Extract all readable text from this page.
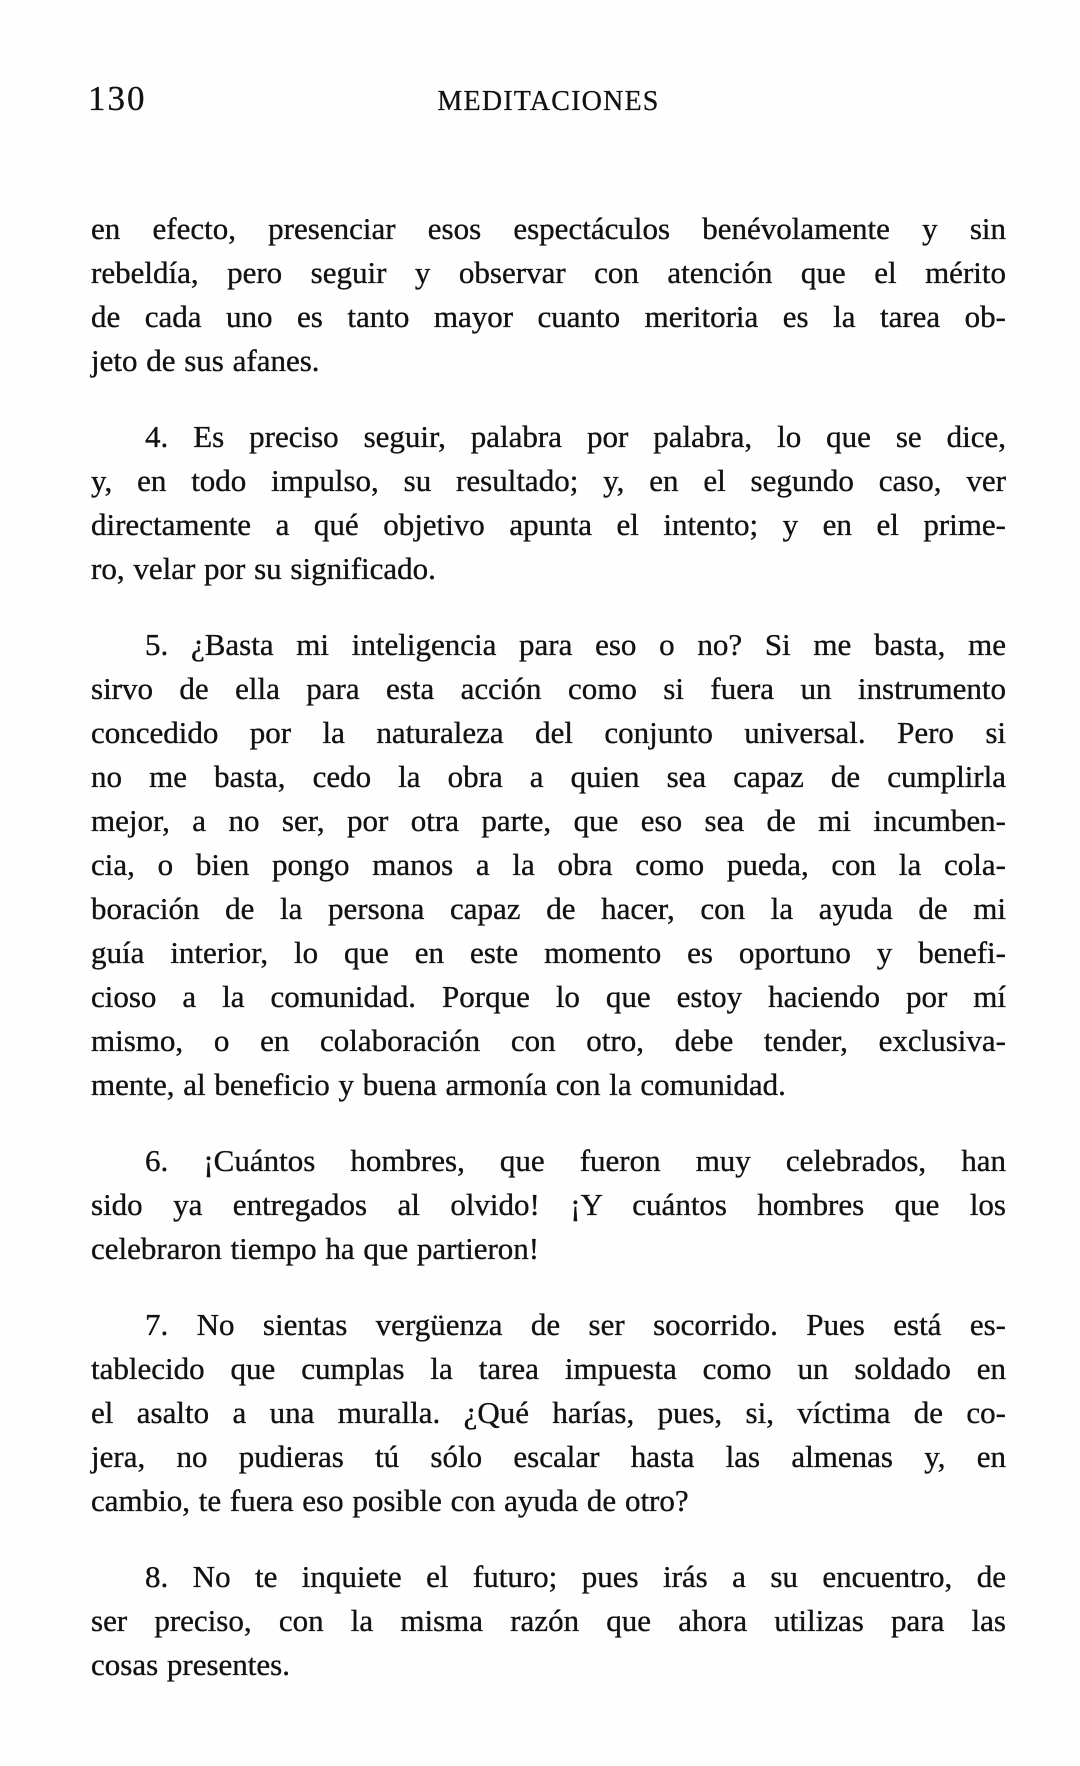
130	MEDITACIONES
en efecto, presenciar esos espectáculos benévolamente y sin
rebeldía, pero seguir y observar con atención que el mérito
de cada uno es tanto mayor cuanto meritoria es la tarea ob-
jeto de sus afanes.
4. Es preciso seguir, palabra por palabra, lo que se dice,
y, en todo impulso, su resultado; y, en el segundo caso, ver
directamente a qué objetivo apunta el intento; y en el prime-
ro, velar por su significado.
5. ¿Basta mi inteligencia para eso o no? Si me basta, me
sirvo de ella para esta acción como si fuera un instrumento
concedido por la naturaleza del conjunto universal. Pero si
no me basta, cedo la obra a quien sea capaz de cumplirla
mejor, a no ser, por otra parte, que eso sea de mi incumben-
cia, o bien pongo manos a la obra como pueda, con la cola-
boración de la persona capaz de hacer, con la ayuda de mi
guía interior, lo que en este momento es oportuno y benefi-
cioso a la comunidad. Porque lo que estoy haciendo por mí
mismo, o en colaboración con otro, debe tender, exclusiva-
mente, al beneficio y buena armonía con la comunidad.
6. ¡Cuántos hombres, que fueron muy celebrados, han
sido ya entregados al olvido! ¡Y cuántos hombres que los
celebraron tiempo ha que partieron!
7. No sientas vergüenza de ser socorrido. Pues está es-
tablecido que cumplas la tarea impuesta como un soldado en
el asalto a una muralla. ¿Qué harías, pues, si, víctima de co-
jera, no pudieras tú sólo escalar hasta las almenas y, en
cambio, te fuera eso posible con ayuda de otro?
8. No te inquiete el futuro; pues irás a su encuentro, de
ser preciso, con la misma razón que ahora utilizas para las
cosas presentes.
